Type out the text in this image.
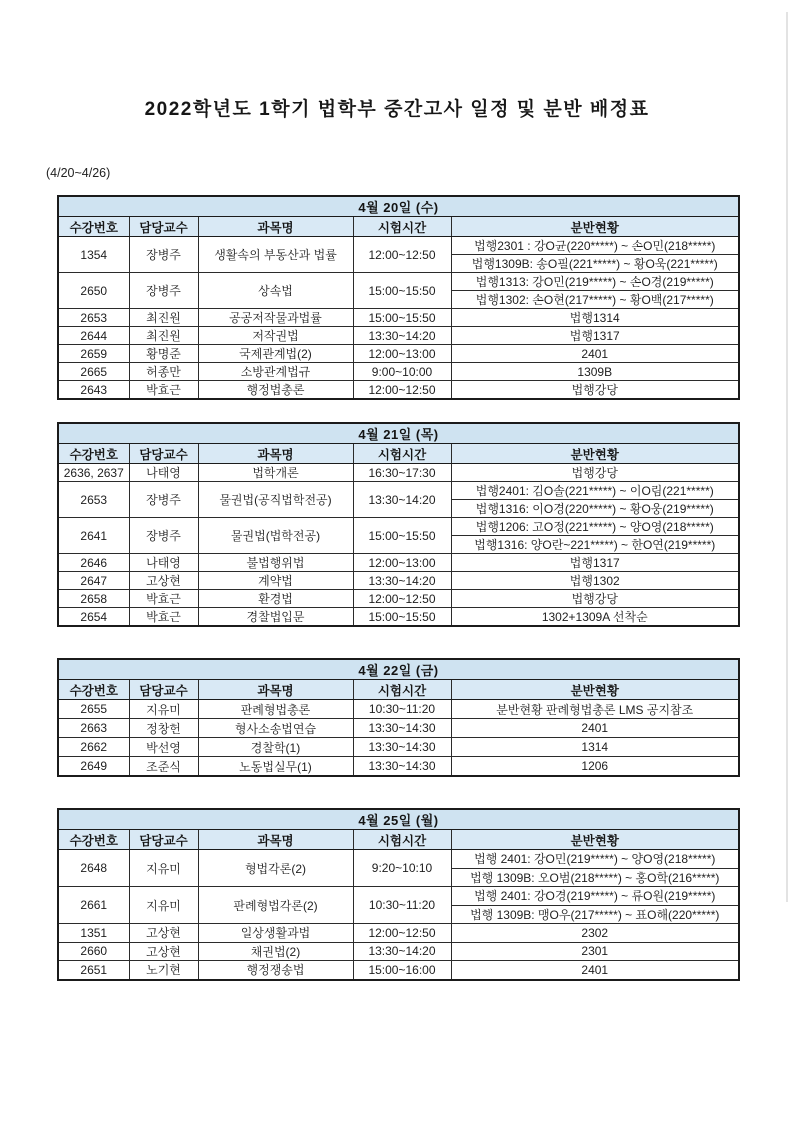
2022학년도 1학기 법학부 중간고사 일정 및 분반 배정표
(4/20~4/26)
4월 20일 (수)				
수강번호	담당교수	과목명	시험시간	분반현황
1354	장병주	생활속의 부동산과 법률	12:00~12:50	법행2301 : 강O균(220*****) ~ 손O민(218*****)
				법행1309B: 송O필(221*****) ~ 황O욱(221*****)
2650	장병주	상속법	15:00~15:50	법행1313: 강O민(219*****) ~ 손O경(219*****)
				법행1302: 손O현(217*****) ~ 황O백(217*****)
2653	최진원	공공저작물과법률	15:00~15:50	법행1314
2644	최진원	저작권법	13:30~14:20	법행1317
2659	황명준	국제관계법(2)	12:00~13:00	2401
2665	허종만	소방관계법규	9:00~10:00	1309B
2643	박효근	행정법총론	12:00~12:50	법행강당
4월 21일 (목)				
수강번호	담당교수	과목명	시험시간	분반현황
2636, 2637	나태영	법학개론	16:30~17:30	법행강당
2653	장병주	물권법(공직법학전공)	13:30~14:20	법행2401: 김O솔(221*****) ~ 이O림(221*****)
				법행1316: 이O경(220*****) ~ 황O웅(219*****)
2641	장병주	물권법(법학전공)	15:00~15:50	법행1206: 고O정(221*****) ~ 양O영(218*****)
				법행1316: 양O란~221*****) ~ 한O연(219*****)
2646	나태영	불법행위법	12:00~13:00	법행1317
2647	고상현	계약법	13:30~14:20	법행1302
2658	박효근	환경법	12:00~12:50	법행강당
2654	박효근	경찰법입문	15:00~15:50	1302+1309A 선착순
4월 22일 (금)				
수강번호	담당교수	과목명	시험시간	분반현황
2655	지유미	판례형법총론	10:30~11:20	분반현황 판례형법총론 LMS 공지참조
2663	정창헌	형사소송법연습	13:30~14:30	2401
2662	박선영	경찰학(1)	13:30~14:30	1314
2649	조준식	노동법실무(1)	13:30~14:30	1206
4월 25일 (월)				
수강번호	담당교수	과목명	시험시간	분반현황
2648	지유미	형법각론(2)	9:20~10:10	법행 2401: 강O민(219*****) ~ 양O영(218*****)
				법행 1309B: 오O범(218*****) ~ 홍O학(216*****)
2661	지유미	판례형법각론(2)	10:30~11:20	법행 2401: 강O경(219*****) ~ 류O원(219*****)
				법행 1309B: 맹O우(217*****) ~ 표O해(220*****)
1351	고상현	일상생활과법	12:00~12:50	2302
2660	고상현	채권법(2)	13:30~14:20	2301
2651	노기현	행정쟁송법	15:00~16:00	2401
